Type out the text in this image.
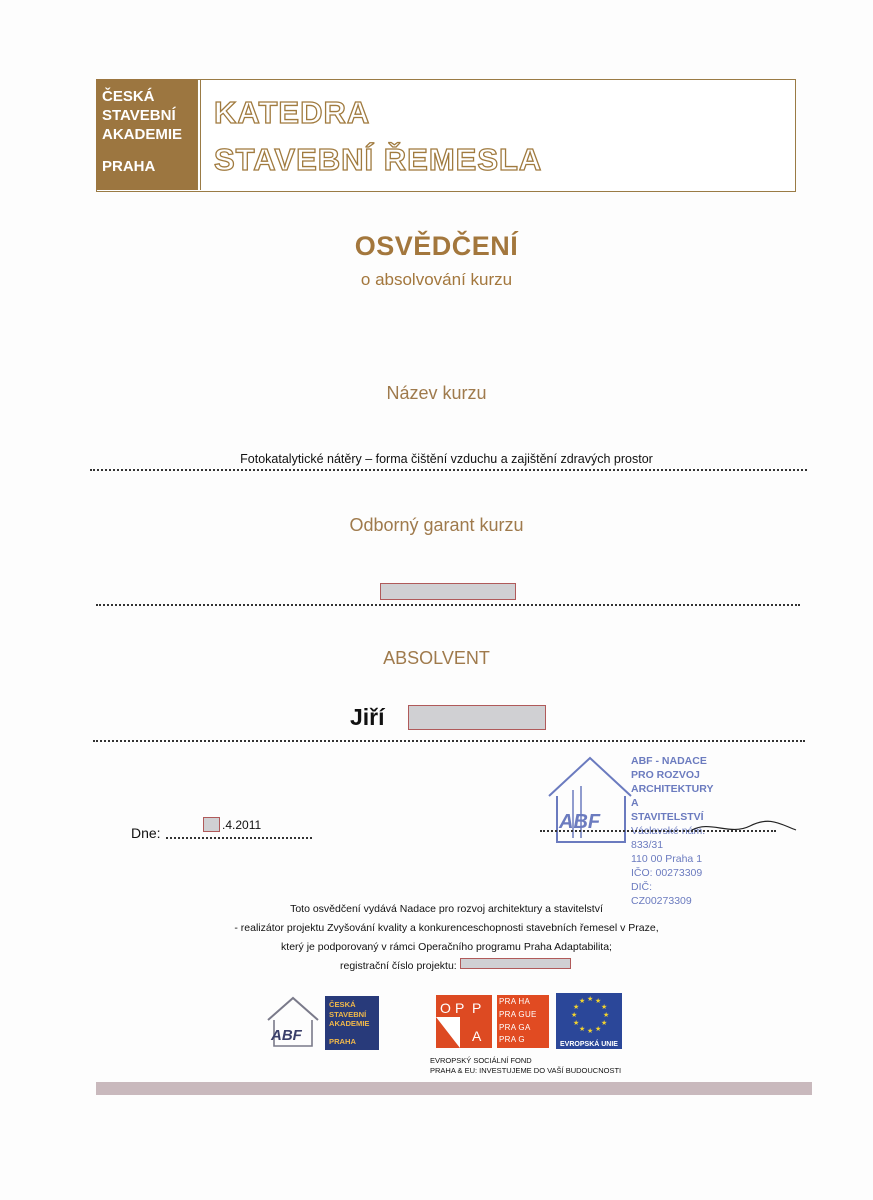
ČESKÁ
STAVEBNÍ
AKADEMIE
PRAHA
KATEDRA
STAVEBNÍ ŘEMESLA
OSVĚDČENÍ
o absolvování kurzu
Název kurzu
Fotokatalytické nátěry – forma čištění vzduchu a zajištění zdravých prostor
Odborný garant kurzu
ABSOLVENT
Jiří
Dne:	.4.2011	ABF
ABF - NADACE PRO ROZVOJ
ARCHITEKTURY A STAVITELSTVÍ
Václavské nám. 833/31
110 00 Praha 1
IČO: 00273309
DIČ: CZ00273309
Toto osvědčení vydává Nadace pro rozvoj architektury a stavitelství
- realizátor projektu Zvyšování kvality a konkurenceschopnosti stavebních řemesel v Praze,
který je podporovaný v rámci Operačního programu Praha Adaptabilita;
registrační číslo projektu:
ABF
ČESKÁ
STAVEBNÍ
AKADEMIE
PRAHA
O P P
A
PRA HA
PRA GUE
PRA GA
PRA G
★ ★
★
★
★
★
★
★
★
★
★
★
EVROPSKÁ UNIE
EVROPSKÝ SOCIÁLNÍ FOND
PRAHA & EU: INVESTUJEME DO VAŠÍ BUDOUCNOSTI
